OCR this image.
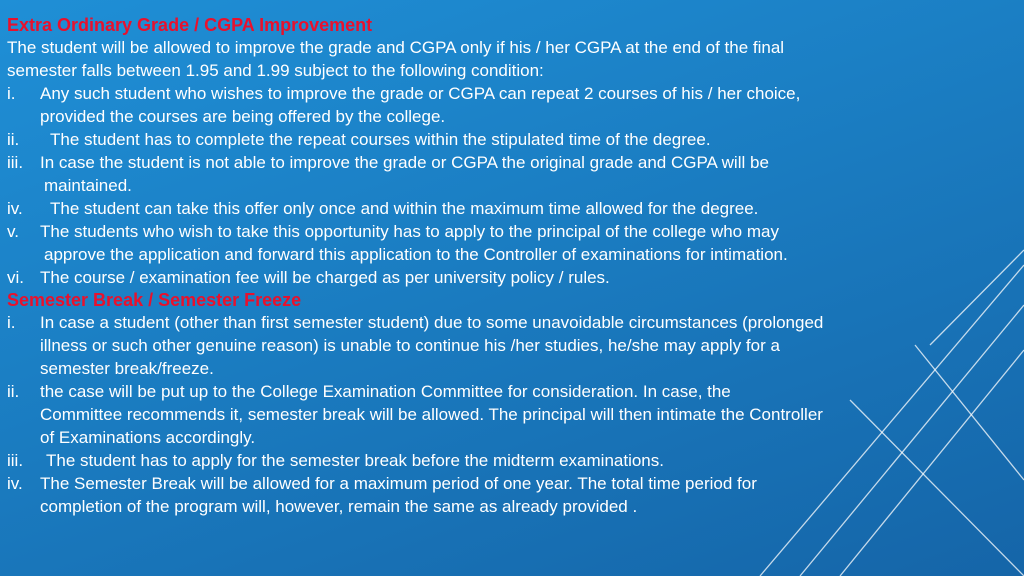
Extra Ordinary Grade / CGPA Improvement

The student will be allowed to improve the grade and CGPA only if his / her CGPA at the end of the final

semester falls between 1.95 and 1.99 subject to the following condition:

i.	Any such student who wishes to improve the grade or CGPA can repeat 2 courses of his / her choice,
provided the courses are being offered by the college.
ii.	The student has to complete the repeat courses within the stipulated time of the degree.
iii. In case the student is not able to improve the grade or CGPA the original grade and CGPA will be
maintained.
iv.	The student can take this offer only once and within the maximum time allowed for the degree.
v.	The students who wish to take this opportunity has to apply to the principal of the college who may
approve the application and forward this application to the Controller of examinations for intimation.
vi. The course / examination fee will be charged as per university policy / rules.
Semester Break / Semester Freeze
i.	In case a student (other than first semester student) due to some unavoidable circumstances (prolonged
illness or such other genuine reason) is unable to continue his /her studies, he/she may apply for a
semester break/freeze.
ii.	the case will be put up to the College Examination Committee for consideration. In case, the
Committee recommends it, semester break will be allowed. The principal will then intimate the Controller
of Examinations accordingly.
iii.	The student has to apply for the semester break before the midterm examinations.
iv.	The Semester Break will be allowed for a maximum period of one year. The total time period for
completion of the program will, however, remain the same as already provided .
